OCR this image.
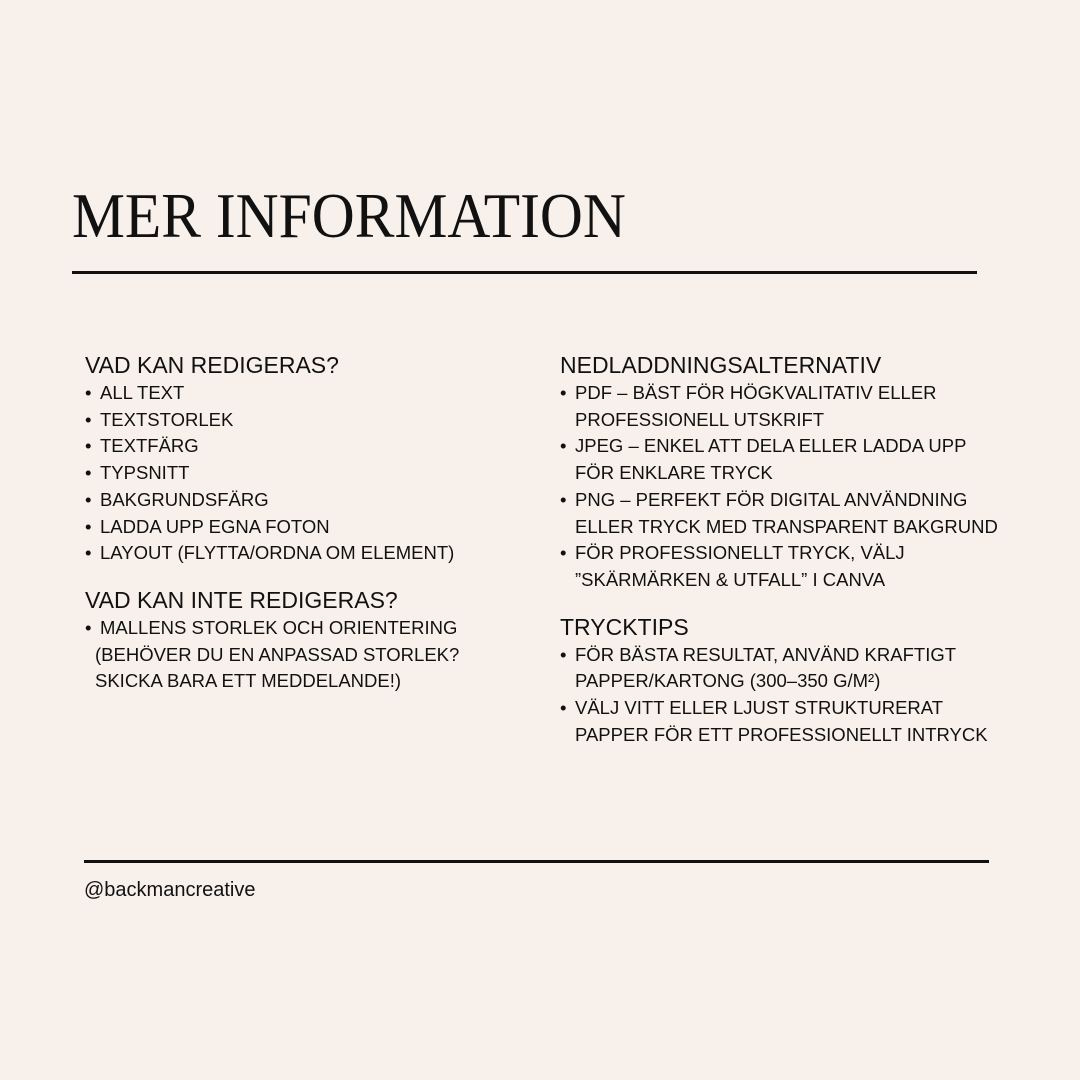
MER INFORMATION
VAD KAN REDIGERAS?
• ALL TEXT
• TEXTSTORLEK
• TEXTFÄRG
• TYPSNITT
• BAKGRUNDSFÄRG
• LADDA UPP EGNA FOTON
• LAYOUT (FLYTTA/ORDNA OM ELEMENT)
VAD KAN INTE REDIGERAS?
• MALLENS STORLEK OCH ORIENTERING
(BEHÖVER DU EN ANPASSAD STORLEK?
SKICKA BARA ETT MEDDELANDE!)
NEDLADDNINGSALTERNATIV
• PDF – BÄST FÖR HÖGKVALITATIV ELLER
PROFESSIONELL UTSKRIFT
• JPEG – ENKEL ATT DELA ELLER LADDA UPP
FÖR ENKLARE TRYCK
• PNG – PERFEKT FÖR DIGITAL ANVÄNDNING
ELLER TRYCK MED TRANSPARENT BAKGRUND
• FÖR PROFESSIONELLT TRYCK, VÄLJ
”SKÄRMÄRKEN & UTFALL” I CANVA
TRYCKTIPS
• FÖR BÄSTA RESULTAT, ANVÄND KRAFTIGT
PAPPER/KARTONG (300–350 G/M²)
• VÄLJ VITT ELLER LJUST STRUKTURERAT
PAPPER FÖR ETT PROFESSIONELLT INTRYCK
@backmancreative
